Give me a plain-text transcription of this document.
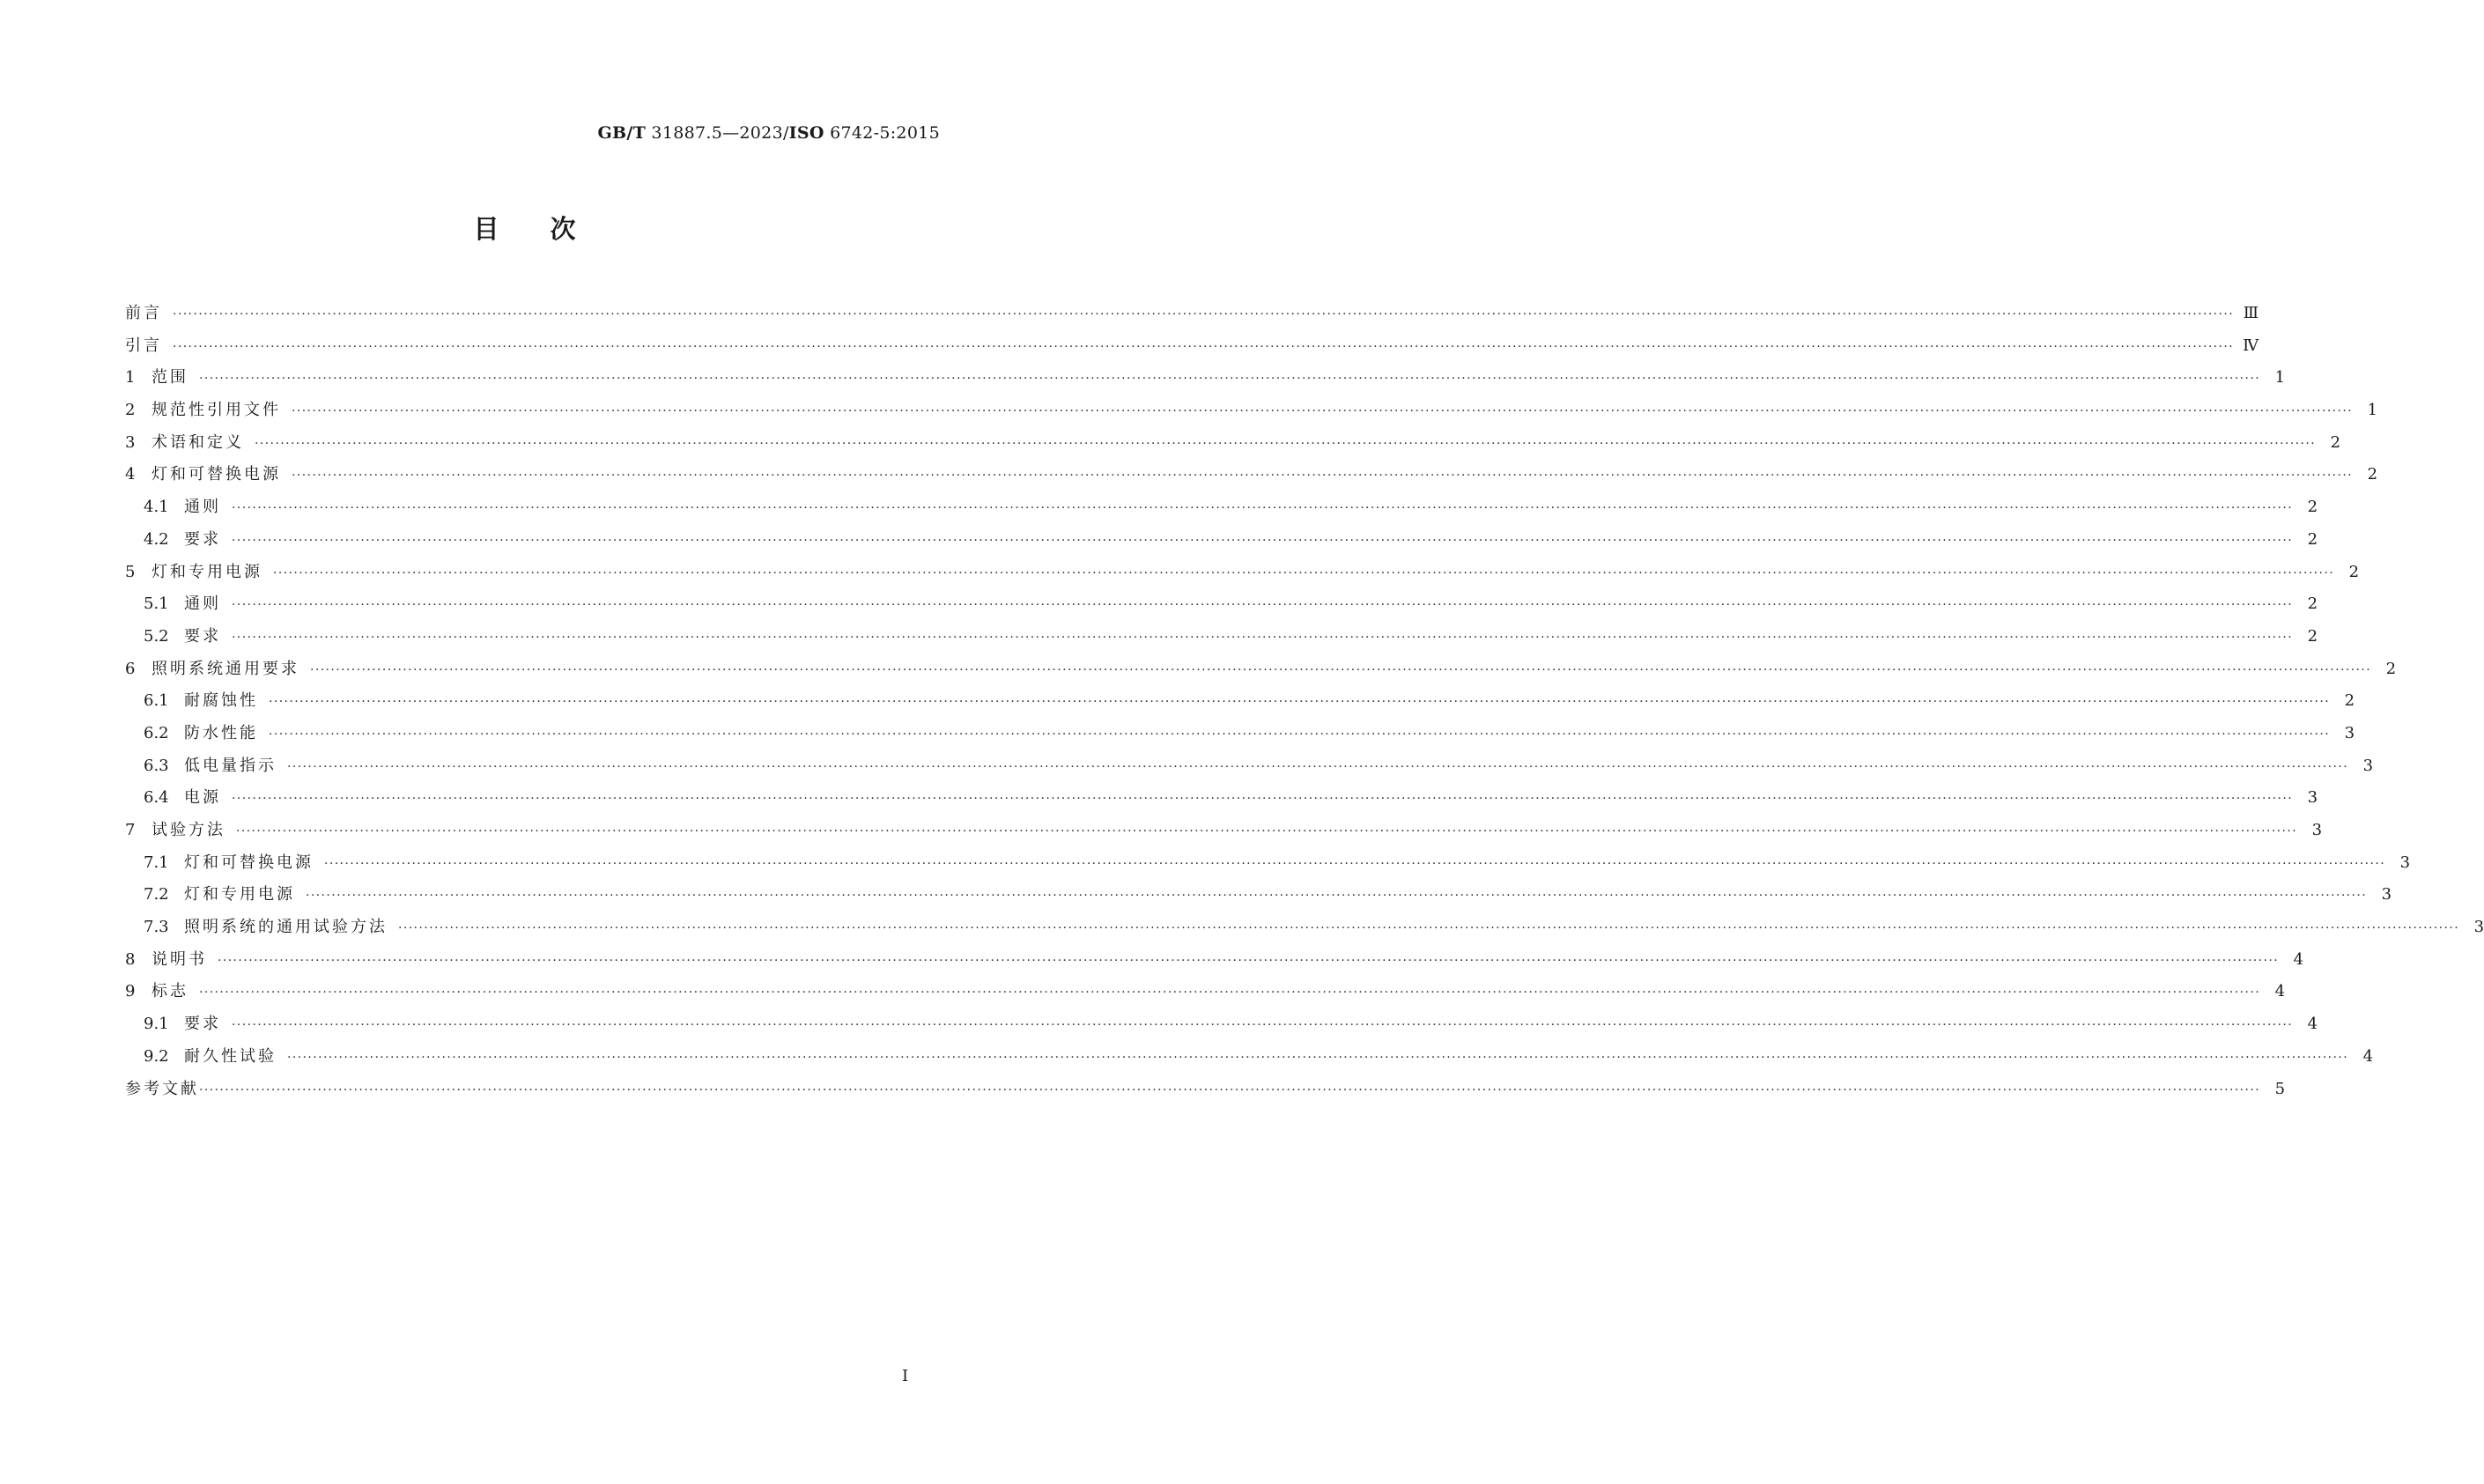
GB/T 31887.5—2023/ISO 6742-5:2015
目次
前言 ················································································································································································································································································································································································································ Ⅲ
引言 ················································································································································································································································································································································································································ Ⅳ
1	范围 ················································································································································································································································································································································································································ 1
2	规范性引用文件 ················································································································································································································································································································································································································ 1
3	术语和定义 ················································································································································································································································································································································································································ 2
4	灯和可替换电源 ················································································································································································································································································································································································································ 2
4.1 通则 ················································································································································································································································································································································································································ 2
4.2 要求 ················································································································································································································································································································································································································ 2
5	灯和专用电源 ················································································································································································································································································································································································································ 2
5.1 通则 ················································································································································································································································································································································································································ 2
5.2 要求 ················································································································································································································································································································································································································ 2
6	照明系统通用要求 ················································································································································································································································································································································································································ 2
6.1 耐腐蚀性 ················································································································································································································································································································································································································ 2
6.2 防水性能 ················································································································································································································································································································································································································ 3
6.3 低电量指示 ················································································································································································································································································································································································································ 3
6.4 电源 ················································································································································································································································································································································································································ 3
7	试验方法 ················································································································································································································································································································································································································ 3
7.1 灯和可替换电源 ················································································································································································································································································································································································································ 3
7.2 灯和专用电源 ················································································································································································································································································································································································································ 3
7.3 照明系统的通用试验方法 ················································································································································································································································································································································································································ 3
8	说明书 ················································································································································································································································································································································································································ 4
9	标志 ················································································································································································································································································································································································································ 4
9.1 要求 ················································································································································································································································································································································································································ 4
9.2 耐久性试验 ················································································································································································································································································································································································································ 4
参考文献 ················································································································································································································································································································································································································ 5
Ⅰ
